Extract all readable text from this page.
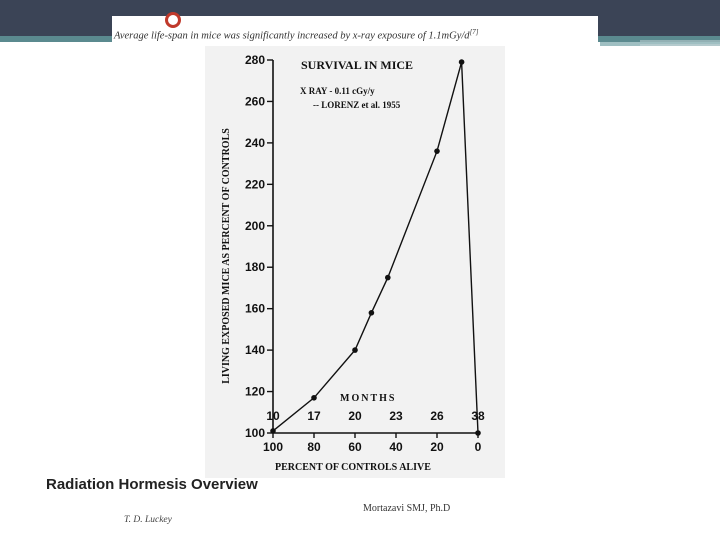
Average life-span in mice was significantly increased by x-ray exposure of 1.1mGy/d[7]
100
120
140
160
180
200
220
240
260
280
100 80 60 40 20	0
10 17 20 23 26 38
SURVIVAL IN MICE
X RAY - 0.11 cGy/y
-- LORENZ et al. 1955
MONTHS
PERCENT OF CONTROLS ALIVE
LIVING EXPOSED MICE AS PERCENT OF CONTROLS
Radiation Hormesis Overview
T. D. Luckey
Mortazavi SMJ, Ph.D
